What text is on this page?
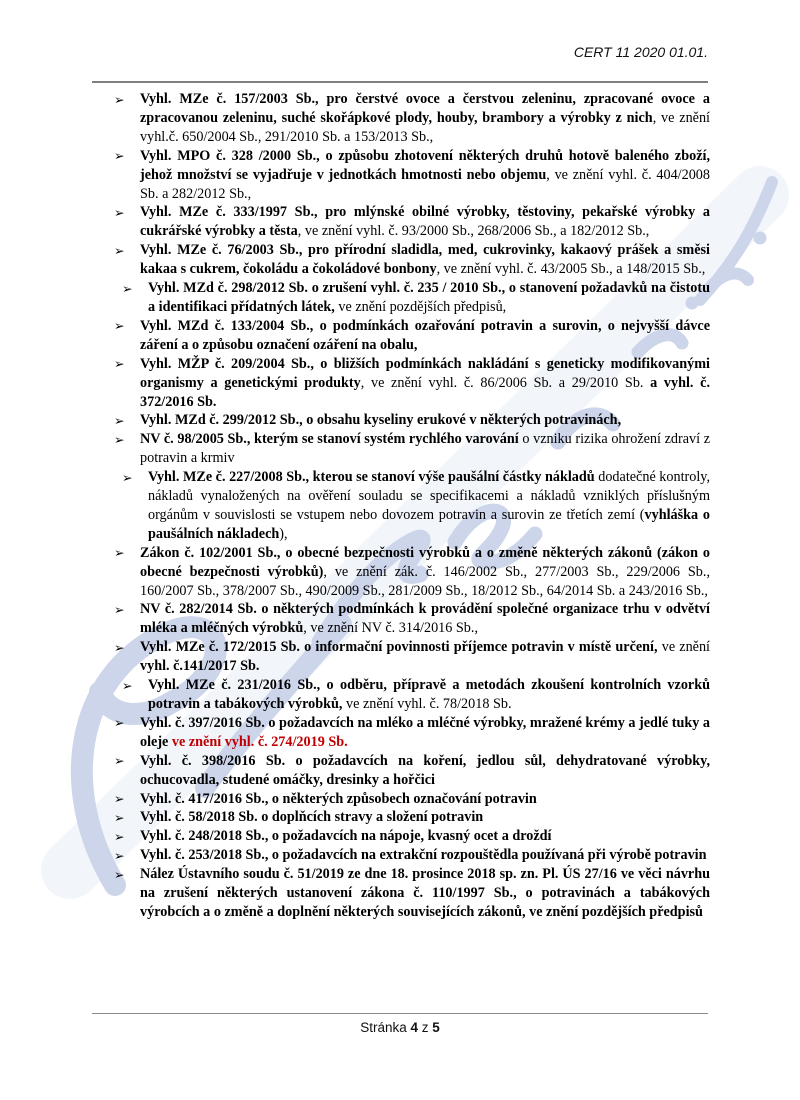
CERT 11 2020 01.01.
➢ Vyhl. MZe č. 157/2003 Sb., pro čerstvé ovoce a čerstvou zeleninu, zpracované ovoce a zpracovanou zeleninu, suché skořápkové plody, houby, brambory a výrobky z nich, ve znění vyhl.č. 650/2004 Sb., 291/2010 Sb. a 153/2013 Sb.,
➢ Vyhl. MPO č. 328 /2000 Sb., o způsobu zhotovení některých druhů hotově baleného zboží, jehož množství se vyjadřuje v jednotkách hmotnosti nebo objemu, ve znění vyhl. č. 404/2008 Sb. a 282/2012 Sb.,
➢ Vyhl. MZe č. 333/1997 Sb., pro mlýnské obilné výrobky, těstoviny, pekařské výrobky a cukrářské výrobky a těsta, ve znění vyhl. č. 93/2000 Sb., 268/2006 Sb., a 182/2012 Sb.,
➢ Vyhl. MZe č. 76/2003 Sb., pro přírodní sladidla, med, cukrovinky, kakaový prášek a směsi kakaa s cukrem, čokoládu a čokoládové bonbony, ve znění vyhl. č. 43/2005 Sb., a 148/2015 Sb.,
➢ Vyhl. MZd č. 298/2012 Sb. o zrušení vyhl. č. 235 / 2010 Sb., o stanovení požadavků na čistotu a identifikaci přídatných látek, ve znění pozdějších předpisů,
➢ Vyhl. MZd č. 133/2004 Sb., o podmínkách ozařování potravin a surovin, o nejvyšší dávce záření a o způsobu označení ozáření na obalu,
➢ Vyhl. MŽP č. 209/2004 Sb., o bližších podmínkách nakládání s geneticky modifikovanými organismy a genetickými produkty, ve znění vyhl. č. 86/2006 Sb. a 29/2010 Sb. a vyhl. č. 372/2016 Sb.
➢ Vyhl. MZd č. 299/2012 Sb., o obsahu kyseliny erukové v některých potravinách,
➢ NV č. 98/2005 Sb., kterým se stanoví systém rychlého varování o vzniku rizika ohrožení zdraví z potravin a krmiv
➢ Vyhl. MZe č. 227/2008 Sb., kterou se stanoví výše paušální částky nákladů dodatečné kontroly, nákladů vynaložených na ověření souladu se specifikacemi a nákladů vzniklých příslušným orgánům v souvislosti se vstupem nebo dovozem potravin a surovin ze třetích zemí (vyhláška o paušálních nákladech),
➢ Zákon č. 102/2001 Sb., o obecné bezpečnosti výrobků a o změně některých zákonů (zákon o obecné bezpečnosti výrobků), ve znění zák. č. 146/2002 Sb., 277/2003 Sb., 229/2006 Sb., 160/2007 Sb., 378/2007 Sb., 490/2009 Sb., 281/2009 Sb., 18/2012 Sb., 64/2014 Sb. a 243/2016 Sb.,
➢ NV č. 282/2014 Sb. o některých podmínkách k provádění společné organizace trhu v odvětví mléka a mléčných výrobků, ve znění NV č. 314/2016 Sb.,
➢ Vyhl. MZe č. 172/2015 Sb. o informační povinnosti příjemce potravin v místě určení, ve znění vyhl. č.141/2017 Sb.
➢ Vyhl. MZe č. 231/2016 Sb., o odběru, přípravě a metodách zkoušení kontrolních vzorků potravin a tabákových výrobků, ve znění vyhl. č. 78/2018 Sb.
➢ Vyhl. č. 397/2016 Sb. o požadavcích na mléko a mléčné výrobky, mražené krémy a jedlé tuky a oleje ve znění vyhl. č. 274/2019 Sb.
➢ Vyhl. č. 398/2016 Sb. o požadavcích na koření, jedlou sůl, dehydratované výrobky, ochucovadla, studené omáčky, dresinky a hořčici
➢ Vyhl. č. 417/2016 Sb., o některých způsobech označování potravin
➢ Vyhl. č. 58/2018 Sb. o doplňcích stravy a složení potravin
➢ Vyhl. č. 248/2018 Sb., o požadavcích na nápoje, kvasný ocet a droždí
➢ Vyhl. č. 253/2018 Sb., o požadavcích na extrakční rozpouštědla používaná při výrobě potravin
➢ Nález Ústavního soudu č. 51/2019 ze dne 18. prosince 2018 sp. zn. Pl. ÚS 27/16 ve věci návrhu na zrušení některých ustanovení zákona č. 110/1997 Sb., o potravinách a tabákových výrobcích a o změně a doplnění některých souvisejících zákonů, ve znění pozdějších předpisů
Stránka 4 z 5
